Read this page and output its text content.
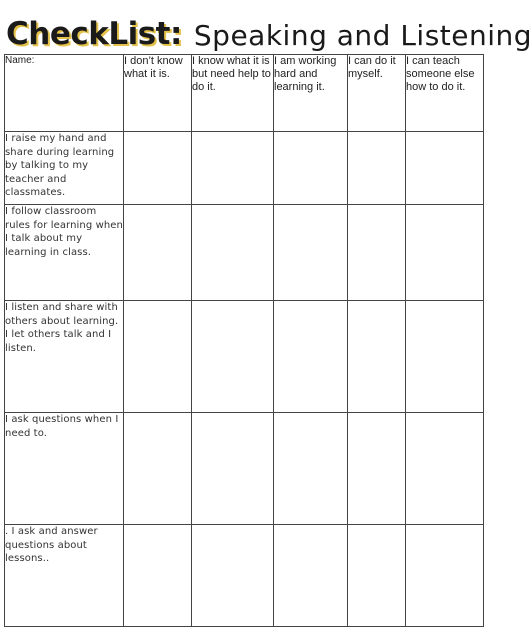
CheckList: Speaking and Listening
Name:	I don’t know what it is.	I know what it is but need help to do it.	I am working hard and learning it.	I can do it myself.	I can teach someone else how to do it.
I raise my hand and share during learning by talking to my teacher and classmates.					
I follow classroom rules for learning when I talk about my learning in class.					
I listen and share with others about learning. I let others talk and I listen.					
I ask questions when I need to.					
. I ask and answer questions about lessons..					
